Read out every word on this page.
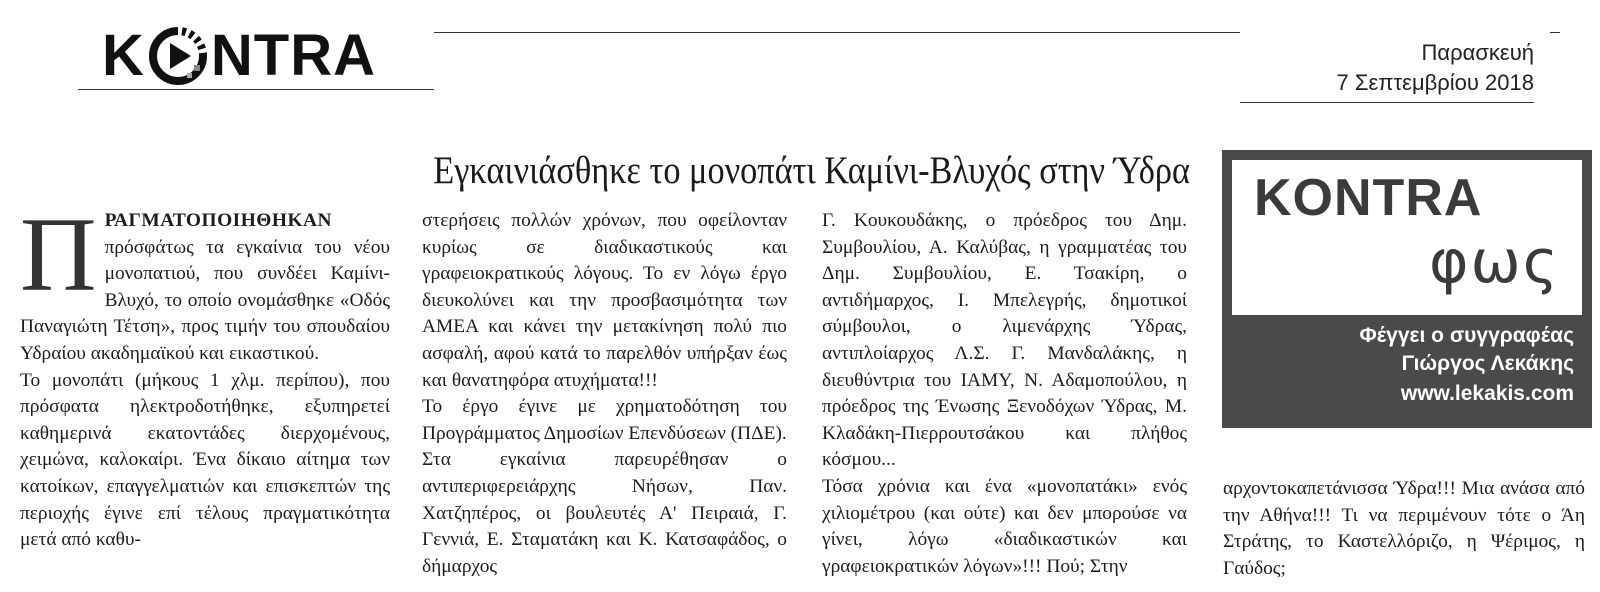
K NTRA	Παρασκευή
7 Σεπτεμβρίου 2018
Εγκαινιάσθηκε το μονοπάτι Καμίνι-Βλυχός στην Ύδρα

ΠΡΑΓΜΑΤΟΠΟΙΗΘΗΚΑΝ πρόσφάτως τα εγκαίνια του νέου μονοπατιού, που συνδέει Καμίνι-Βλυχό, το οποίο ονομάσθηκε «Οδός Παναγιώτη Τέτση», προς τιμήν του σπουδαίου Υδραίου ακαδημαϊκού και εικαστικού.

Το μονοπάτι (μήκους 1 χλμ. περίπου), που πρόσφατα ηλεκτροδοτήθηκε, εξυπηρετεί καθημερινά εκατοντάδες διερχομένους, χειμώνα, καλοκαίρι. Ένα δίκαιο αίτημα των κατοίκων, επαγγελματιών και επισκεπτών της περιοχής έγινε επί τέλους πραγματικότητα μετά από καθυ-

στερήσεις πολλών χρόνων, που οφείλονταν κυρίως σε διαδικαστικούς και γραφειοκρατικούς λόγους. Το εν λόγω έργο διευκολύνει και την προσβασιμότητα των ΑΜΕΑ και κάνει την μετακίνηση πολύ πιο ασφαλή, αφού κατά το παρελθόν υπήρξαν έως και θανατηφόρα ατυχήματα!!!

Το έργο έγινε με χρηματοδότηση του Προγράμματος Δημοσίων Επενδύσεων (ΠΔΕ).

Στα εγκαίνια παρευρέθησαν ο αντιπεριφερειάρχης Νήσων, Παν. Χατζηπέρος, οι βουλευτές Α' Πειραιά, Γ. Γεννιά, Ε. Σταματάκη και Κ. Κατσαφάδος, ο δήμαρχος

Γ. Κουκουδάκης, ο πρόεδρος του Δημ. Συμβουλίου, Α. Καλύβας, η γραμματέας του Δημ. Συμβουλίου, Ε. Τσακίρη, ο αντιδήμαρχος, Ι. Μπελεγρής, δημοτικοί σύμβουλοι, ο λιμενάρχης Ύδρας, αντιπλοίαρχος Λ.Σ. Γ. Μανδαλάκης, η διευθύντρια του ΙΑΜΥ, Ν. Αδαμοπούλου, η πρόεδρος της Ένωσης Ξενοδόχων Ύδρας, Μ. Κλαδάκη-Πιερρουτσάκου και πλήθος κόσμου...

Τόσα χρόνια και ένα «μονοπατάκι» ενός χιλιομέτρου (και ούτε) και δεν μπορούσε να γίνει, λόγω «διαδικαστικών και γραφειοκρατικών λόγων»!!! Πού; Στην

KONTRA
φως
Φέγγει ο συγγραφέας
Γιώργος Λεκάκης
www.lekakis.com

αρχοντοκαπετάνισσα Ύδρα!!! Μια ανάσα από την Αθήνα!!! Τι να περιμένουν τότε ο Άη Στράτης, το Καστελλόριζο, η Ψέριμος, η Γαύδος;
